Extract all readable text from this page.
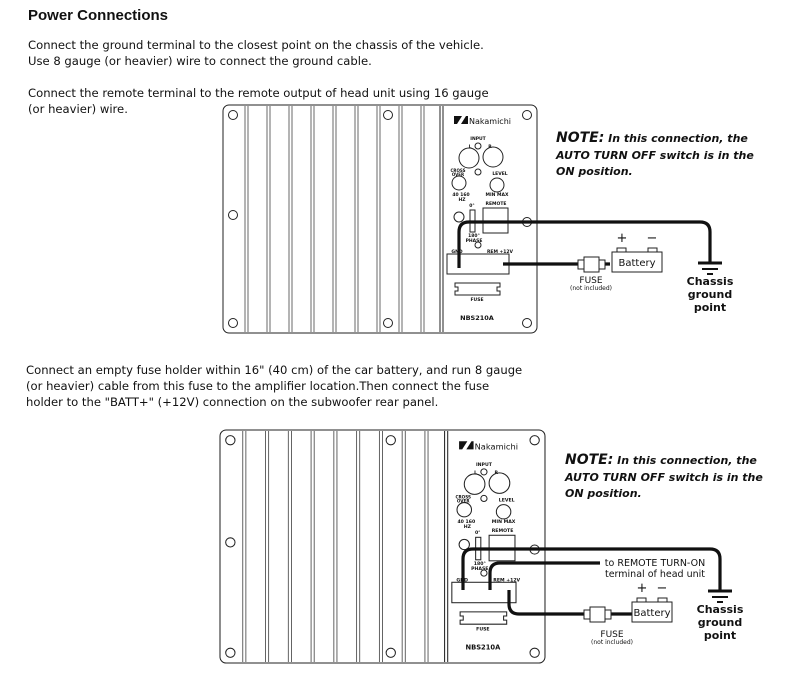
Power Connections
Connect the ground terminal to the closest point on the chassis of the vehicle.
Use 8 gauge (or heavier) wire to connect the ground cable.
Connect the remote terminal to the remote output of head unit using 16 gauge
(or heavier) wire.
Connect an empty fuse holder within 16" (40 cm) of the car battery, and run 8 gauge
(or heavier) cable from this fuse to the amplifier location.Then connect the fuse
holder to the "BATT+" (+12V) connection on the subwoofer rear panel.
NOTE: In this connection, the
AUTO TURN OFF switch is in the
ON position.
NOTE: In this connection, the
AUTO TURN OFF switch is in the
ON position.
Nakamichi
INPUT
L	R
CROSS
OVER	LEVEL
40 160
HZ
MIN MAX
REMOTE
0°
180°
PHASE
GND	REM +12V
FUSE
NBS210A
Nakamichi
INPUT
L	R
CROSS
OVER	LEVEL
40 160
HZ
MIN MAX
REMOTE
0°
180°
PHASE
GND	REM +12V
FUSE
NBS210A
Battery
+ −
Chassis
ground
point
FUSE
(not included)
Battery
+ −
Chassis
ground
point
FUSE
(not included)
to REMOTE TURN-ON
terminal of head unit
